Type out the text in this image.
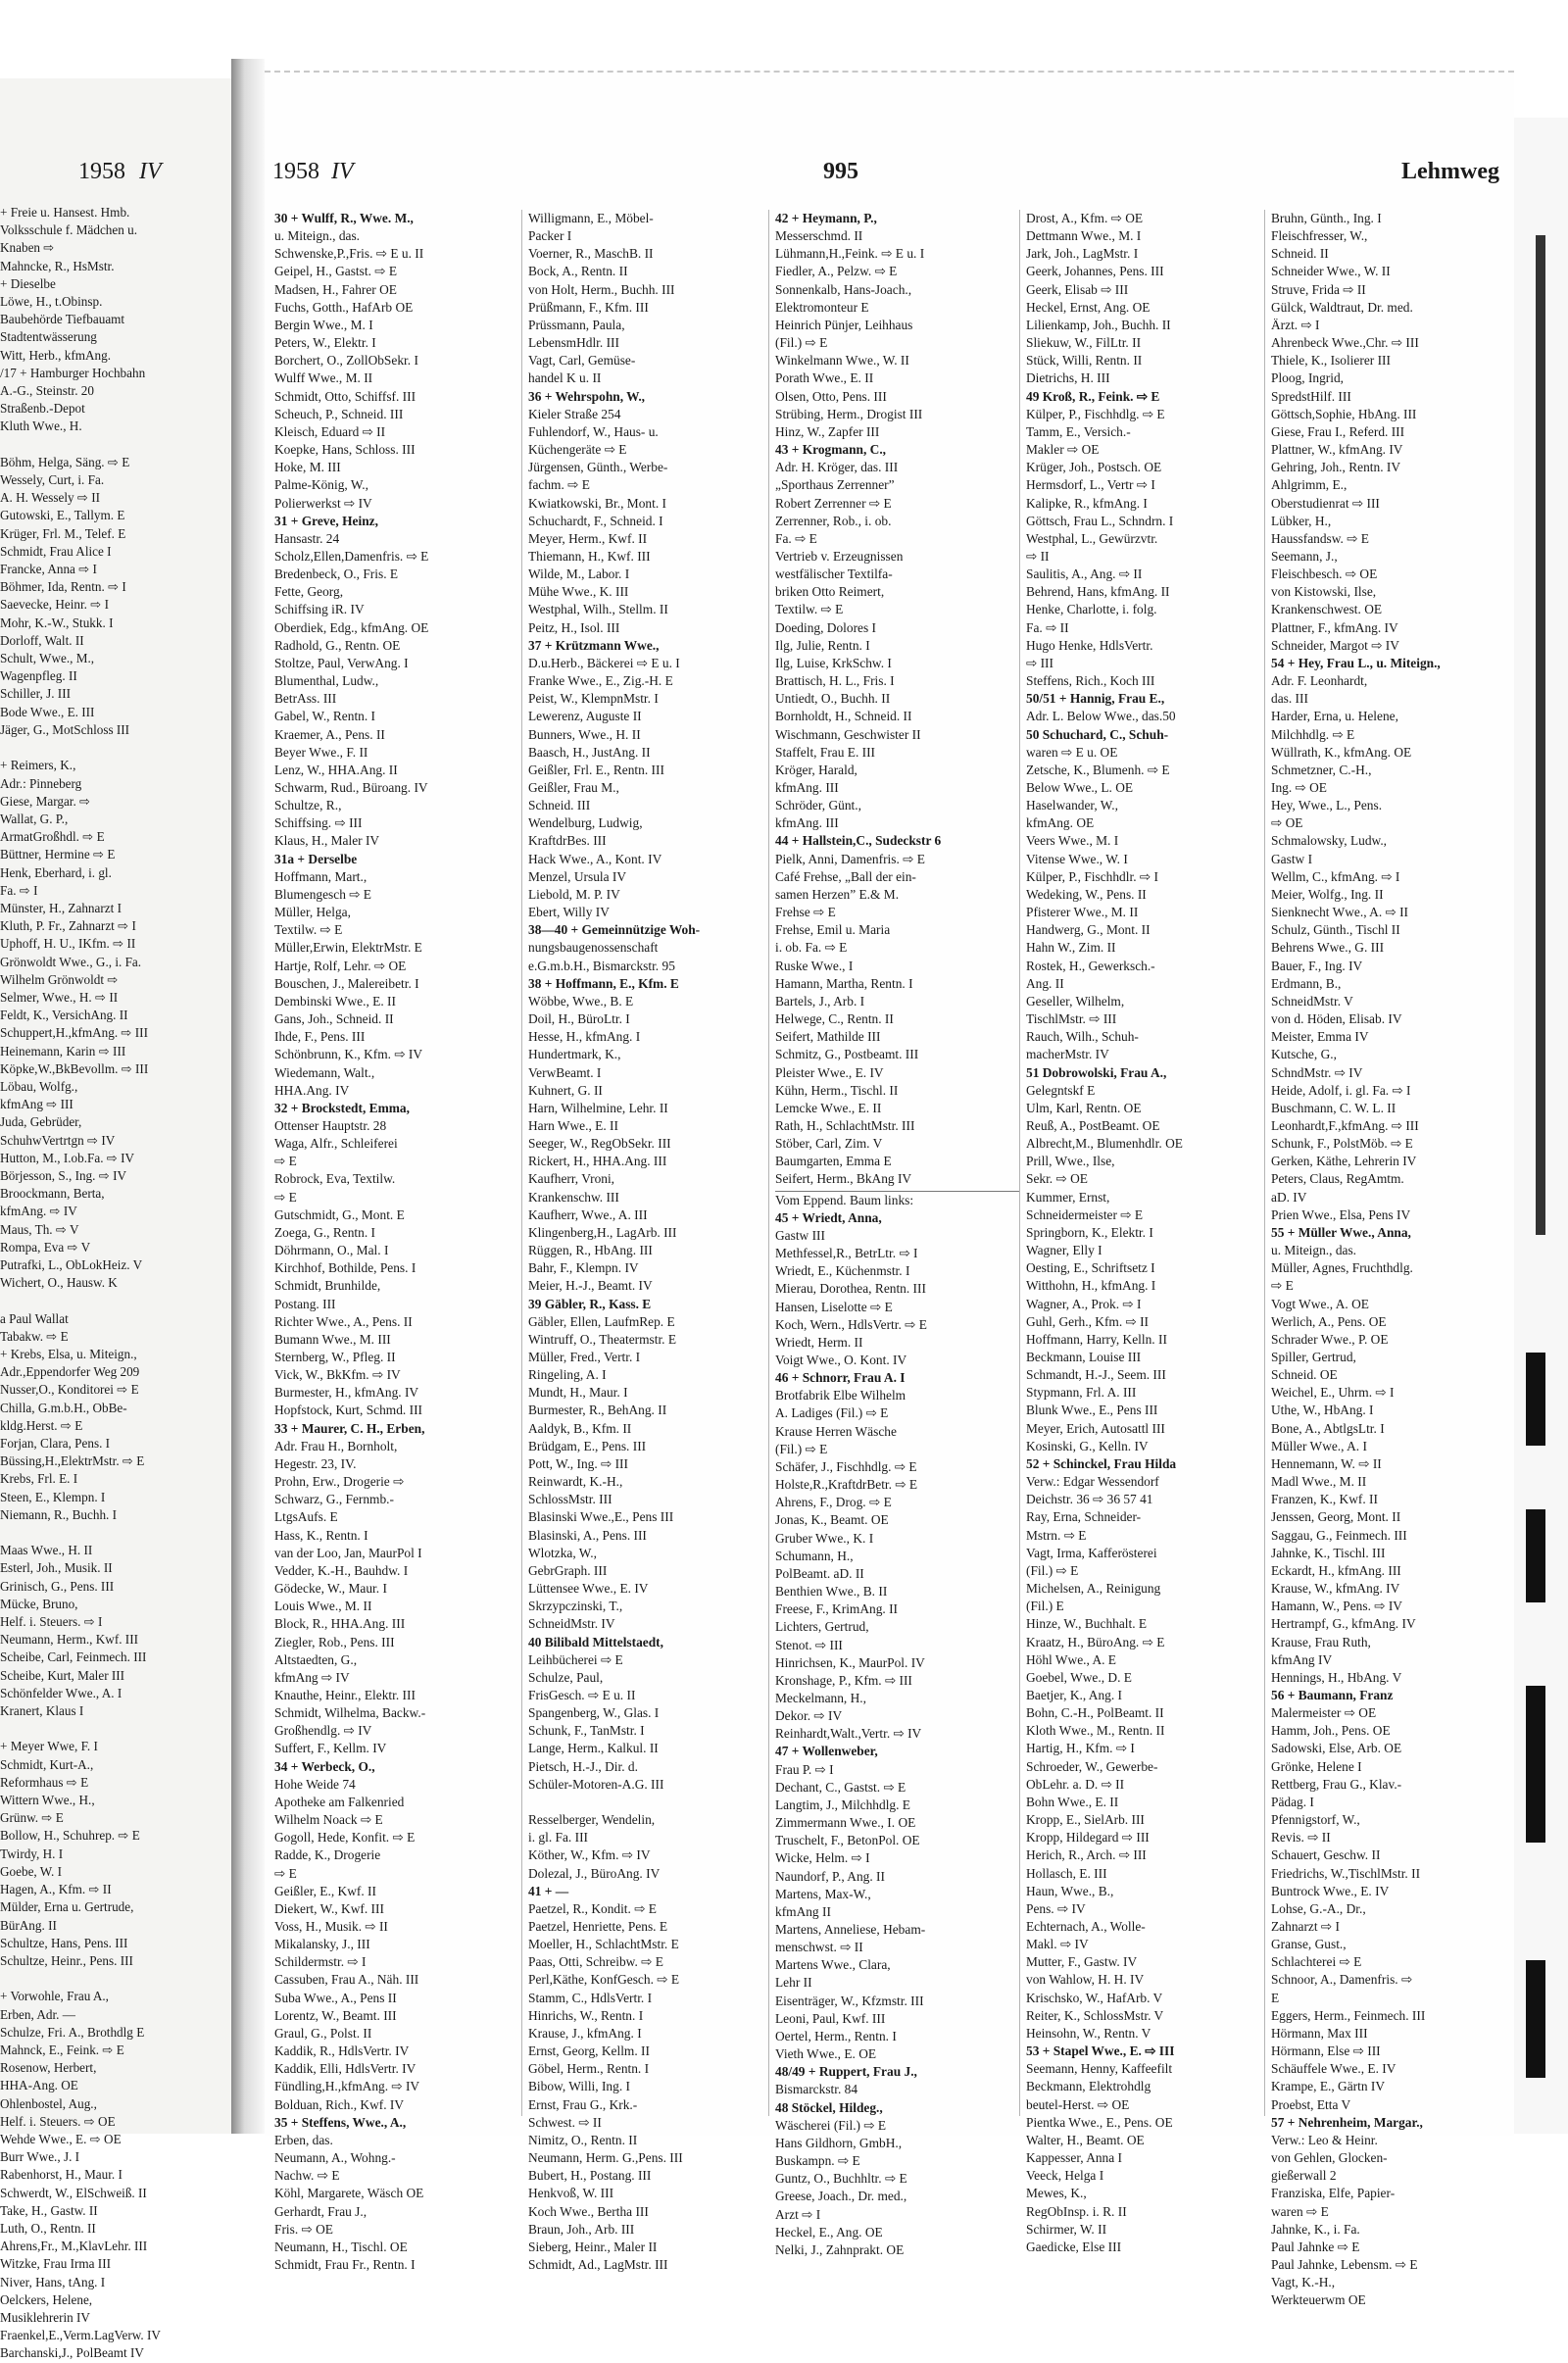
1958 IV
+ Freie u. Hansest. Hmb.
Volksschule f. Mädchen u.
Knaben ⇨
Mahncke, R., HsMstr.
+ Dieselbe
Löwe, H., t.Obinsp.
Baubehörde Tiefbauamt
Stadtentwässerung
Witt, Herb., kfmAng.
/17 + Hamburger Hochbahn
A.-G., Steinstr. 20
Straßenb.-Depot
Kluth Wwe., H.

Böhm, Helga, Säng. ⇨ E
Wessely, Curt, i. Fa.
A. H. Wessely ⇨ II
Gutowski, E., Tallym. E
Krüger, Frl. M., Telef. E
Schmidt, Frau Alice I
Francke, Anna ⇨ I
Böhmer, Ida, Rentn. ⇨ I
Saevecke, Heinr. ⇨ I
Mohr, K.-W., Stukk. I
Dorloff, Walt. II
Schult, Wwe., M.,
Wagenpfleg. II
Schiller, J. III
Bode Wwe., E. III
Jäger, G., MotSchloss III

+ Reimers, K.,
Adr.: Pinneberg
Giese, Margar. ⇨
Wallat, G. P.,
ArmatGroßhdl. ⇨ E
Büttner, Hermine ⇨ E
Henk, Eberhard, i. gl.
Fa. ⇨ I
Münster, H., Zahnarzt I
Kluth, P. Fr., Zahnarzt ⇨ I
Uphoff, H. U., IKfm. ⇨ II
Grönwoldt Wwe., G., i. Fa.
Wilhelm Grönwoldt ⇨
Selmer, Wwe., H. ⇨ II
Feldt, K., VersichAng. II
Schuppert,H.,kfmAng. ⇨ III
Heinemann, Karin ⇨ III
Köpke,W.,BkBevollm. ⇨ III
Löbau, Wolfg.,
kfmAng ⇨ III
Juda, Gebrüder,
SchuhwVertrtgn ⇨ IV
Hutton, M., I.ob.Fa. ⇨ IV
Börjesson, S., Ing. ⇨ IV
Broockmann, Berta,
kfmAng. ⇨ IV
Maus, Th. ⇨ V
Rompa, Eva ⇨ V
Putrafki, L., ObLokHeiz. V
Wichert, O., Hausw. K

a Paul Wallat
Tabakw. ⇨ E
+ Krebs, Elsa, u. Miteign.,
Adr.,Eppendorfer Weg 209
Nusser,O., Konditorei ⇨ E
Chilla, G.m.b.H., ObBe-
kldg.Herst. ⇨ E
Forjan, Clara, Pens. I
Büssing,H.,ElektrMstr. ⇨ E
Krebs, Frl. E. I
Steen, E., Klempn. I
Niemann, R., Buchh. I

Maas Wwe., H. II
Esterl, Joh., Musik. II
Grinisch, G., Pens. III
Mücke, Bruno,
Helf. i. Steuers. ⇨ I
Neumann, Herm., Kwf. III
Scheibe, Carl, Feinmech. III
Scheibe, Kurt, Maler III
Schönfelder Wwe., A. I
Kranert, Klaus I

+ Meyer Wwe, F. I
Schmidt, Kurt-A.,
Reformhaus ⇨ E
Wittern Wwe., H.,
Grünw. ⇨ E
Bollow, H., Schuhrep. ⇨ E
Twirdy, H. I
Goebe, W. I
Hagen, A., Kfm. ⇨ II
Mülder, Erna u. Gertrude,
BürAng. II
Schultze, Hans, Pens. III
Schultze, Heinr., Pens. III

+ Vorwohle, Frau A.,
Erben, Adr. —
Schulze, Fri. A., Brothdlg E
Mahnck, E., Feink. ⇨ E
Rosenow, Herbert,
HHA-Ang. OE
Ohlenbostel, Aug.,
Helf. i. Steuers. ⇨ OE
Wehde Wwe., E. ⇨ OE
Burr Wwe., J. I
Rabenhorst, H., Maur. I
Schwerdt, W., ElSchweiß. II
Take, H., Gastw. II
Luth, O., Rentn. II
Ahrens,Fr., M.,KlavLehr. III
Witzke, Frau Irma III
Niver, Hans, tAng. I
Oelckers, Helene,
Musiklehrerin IV
Fraenkel,E.,Verm.LagVerw. IV
Barchanski,J., PolBeamt IV
1958 IV	995	Lehmweg
30 + Wulff, R., Wwe. M.,
u. Miteign., das.
Schwenske,P.,Fris. ⇨ E u. II
Geipel, H., Gastst. ⇨ E
Madsen, H., Fahrer OE
Fuchs, Gotth., HafArb OE
Bergin Wwe., M. I
Peters, W., Elektr. I
Borchert, O., ZollObSekr. I
Wulff Wwe., M. II
Schmidt, Otto, Schiffsf. III
Scheuch, P., Schneid. III
Kleisch, Eduard ⇨ II
Koepke, Hans, Schloss. III
Hoke, M. III
Palme-König, W.,
Polierwerkst ⇨ IV
31 + Greve, Heinz,
Hansastr. 24
Scholz,Ellen,Damenfris. ⇨ E
Bredenbeck, O., Fris. E
Fette, Georg,
Schiffsing iR. IV
Oberdiek, Edg., kfmAng. OE
Radhold, G., Rentn. OE
Stoltze, Paul, VerwAng. I
Blumenthal, Ludw.,
BetrAss. III
Gabel, W., Rentn. I
Kraemer, A., Pens. II
Beyer Wwe., F. II
Lenz, W., HHA.Ang. II
Schwarm, Rud., Büroang. IV
Schultze, R.,
Schiffsing. ⇨ III
Klaus, H., Maler IV
31a + Derselbe
Hoffmann, Mart.,
Blumengesch ⇨ E
Müller, Helga,
Textilw. ⇨ E
Müller,Erwin, ElektrMstr. E
Hartje, Rolf, Lehr. ⇨ OE
Bouschen, J., Malereibetr. I
Dembinski Wwe., E. II
Gans, Joh., Schneid. II
Ihde, F., Pens. III
Schönbrunn, K., Kfm. ⇨ IV
Wiedemann, Walt.,
HHA.Ang. IV
32 + Brockstedt, Emma,
Ottenser Hauptstr. 28
Waga, Alfr., Schleiferei
⇨ E
Robrock, Eva, Textilw.
⇨ E
Gutschmidt, G., Mont. E
Zoega, G., Rentn. I
Döhrmann, O., Mal. I
Kirchhof, Bothilde, Pens. I
Schmidt, Brunhilde,
Postang. III
Richter Wwe., A., Pens. II
Bumann Wwe., M. III
Sternberg, W., Pfleg. II
Vick, W., BkKfm. ⇨ IV
Burmester, H., kfmAng. IV
Hopfstock, Kurt, Schmd. III
33 + Maurer, C. H., Erben,
Adr. Frau H., Bornholt,
Hegestr. 23, IV.
Prohn, Erw., Drogerie ⇨
Schwarz, G., Fernmb.-
LtgsAufs. E
Hass, K., Rentn. I
van der Loo, Jan, MaurPol I
Vedder, K.-H., Bauhdw. I
Gödecke, W., Maur. I
Louis Wwe., M. II
Block, R., HHA.Ang. III
Ziegler, Rob., Pens. III
Altstaedten, G.,
kfmAng ⇨ IV
Knauthe, Heinr., Elektr. III
Schmidt, Wilhelma, Backw.-
Großhendlg. ⇨ IV
Suffert, F., Kellm. IV
34 + Werbeck, O.,
Hohe Weide 74
Apotheke am Falkenried
Wilhelm Noack ⇨ E
Gogoll, Hede, Konfit. ⇨ E
Radde, K., Drogerie
⇨ E
Geißler, E., Kwf. II
Diekert, W., Kwf. III
Voss, H., Musik. ⇨ II
Mikalansky, J., III
Schildermstr. ⇨ I
Cassuben, Frau A., Näh. III
Suba Wwe., A., Pens II
Lorentz, W., Beamt. III
Graul, G., Polst. II
Kaddik, R., HdlsVertr. IV
Kaddik, Elli, HdlsVertr. IV
Fündling,H.,kfmAng. ⇨ IV
Bolduan, Rich., Kwf. IV
35 + Steffens, Wwe., A.,
Erben, das.
Neumann, A., Wohng.-
Nachw. ⇨ E
Köhl, Margarete, Wäsch OE
Gerhardt, Frau J.,
Fris. ⇨ OE
Neumann, H., Tischl. OE
Schmidt, Frau Fr., Rentn. I
Willigmann, E., Möbel-
Packer I
Voerner, R., MaschB. II
Bock, A., Rentn. II
von Holt, Herm., Buchh. III
Prüßmann, F., Kfm. III
Prüssmann, Paula,
LebensmHdlr. III
Vagt, Carl, Gemüse-
handel K u. II
36 + Wehrspohn, W.,
Kieler Straße 254
Fuhlendorf, W., Haus- u.
Küchengeräte ⇨ E
Jürgensen, Günth., Werbe-
fachm. ⇨ E
Kwiatkowski, Br., Mont. I
Schuchardt, F., Schneid. I
Meyer, Herm., Kwf. II
Thiemann, H., Kwf. III
Wilde, M., Labor. I
Mühe Wwe., K. III
Westphal, Wilh., Stellm. II
Peitz, H., Isol. III
37 + Krützmann Wwe.,
D.u.Herb., Bäckerei ⇨ E u. I
Franke Wwe., E., Zig.-H. E
Peist, W., KlempnMstr. I
Lewerenz, Auguste II
Bunners, Wwe., H. II
Baasch, H., JustAng. II
Geißler, Frl. E., Rentn. III
Geißler, Frau M.,
Schneid. III
Wendelburg, Ludwig,
KraftdrBes. III
Hack Wwe., A., Kont. IV
Menzel, Ursula IV
Liebold, M. P. IV
Ebert, Willy IV
38—40 + Gemeinnützige Woh-
nungsbaugenossenschaft
e.G.m.b.H., Bismarckstr. 95
38 + Hoffmann, E., Kfm. E
Wöbbe, Wwe., B. E
Doil, H., BüroLtr. I
Hesse, H., kfmAng. I
Hundertmark, K.,
VerwBeamt. I
Kuhnert, G. II
Harn, Wilhelmine, Lehr. II
Harn Wwe., E. II
Seeger, W., RegObSekr. III
Rickert, H., HHA.Ang. III
Kaufherr, Vroni,
Krankenschw. III
Kaufherr, Wwe., A. III
Klingenberg,H., LagArb. III
Rüggen, R., HbAng. III
Bahr, F., Klempn. IV
Meier, H.-J., Beamt. IV
39 Gäbler, R., Kass. E
Gäbler, Ellen, LaufmRep. E
Wintruff, O., Theatermstr. E
Müller, Fred., Vertr. I
Ringeling, A. I
Mundt, H., Maur. I
Burmester, R., BehAng. II
Aaldyk, B., Kfm. II
Brüdgam, E., Pens. III
Pott, W., Ing. ⇨ III
Reinwardt, K.-H.,
SchlossMstr. III
Blasinski Wwe.,E., Pens III
Blasinski, A., Pens. III
Wlotzka, W.,
GebrGraph. III
Lüttensee Wwe., E. IV
Skrzypczinski, T.,
SchneidMstr. IV
40 Bilibald Mittelstaedt,
Leihbücherei ⇨ E
Schulze, Paul,
FrisGesch. ⇨ E u. II
Spangenberg, W., Glas. I
Schunk, F., TanMstr. I
Lange, Herm., Kalkul. II
Pietsch, H.-J., Dir. d.
Schüler-Motoren-A.G. III

Resselberger, Wendelin,
i. gl. Fa. III
Köther, W., Kfm. ⇨ IV
Dolezal, J., BüroAng. IV
41 + —
Paetzel, R., Kondit. ⇨ E
Paetzel, Henriette, Pens. E
Moeller, H., SchlachtMstr. E
Paas, Otti, Schreibw. ⇨ E
Perl,Käthe, KonfGesch. ⇨ E
Stamm, C., HdlsVertr. I
Hinrichs, W., Rentn. I
Krause, J., kfmAng. I
Ernst, Georg, Kellm. II
Göbel, Herm., Rentn. I
Bibow, Willi, Ing. I
Ernst, Frau G., Krk.-
Schwest. ⇨ II
Nimitz, O., Rentn. II
Neumann, Herm. G.,Pens. III
Bubert, H., Postang. III
Henkvoß, W. III
Koch Wwe., Bertha III
Braun, Joh., Arb. III
Sieberg, Heinr., Maler II
Schmidt, Ad., LagMstr. III
42 + Heymann, P.,
Messerschmd. II
Lühmann,H.,Feink. ⇨ E u. I
Fiedler, A., Pelzw. ⇨ E
Sonnenkalb, Hans-Joach.,
Elektromonteur E
Heinrich Pünjer, Leihhaus
(Fil.) ⇨ E
Winkelmann Wwe., W. II
Porath Wwe., E. II
Olsen, Otto, Pens. III
Strübing, Herm., Drogist III
Hinz, W., Zapfer III
43 + Krogmann, C.,
Adr. H. Kröger, das. III
„Sporthaus Zerrenner”
Robert Zerrenner ⇨ E
Zerrenner, Rob., i. ob.
Fa. ⇨ E
Vertrieb v. Erzeugnissen
westfälischer Textilfa-
briken Otto Reimert,
Textilw. ⇨ E
Doeding, Dolores I
Ilg, Julie, Rentn. I
Ilg, Luise, KrkSchw. I
Brattisch, H. L., Fris. I
Untiedt, O., Buchh. II
Bornholdt, H., Schneid. II
Wischmann, Geschwister II
Staffelt, Frau E. III
Kröger, Harald,
kfmAng. III
Schröder, Günt.,
kfmAng. III
44 + Hallstein,C., Sudeckstr 6
Pielk, Anni, Damenfris. ⇨ E
Café Frehse, „Ball der ein-
samen Herzen” E.& M.
Frehse ⇨ E
Frehse, Emil u. Maria
i. ob. Fa. ⇨ E
Ruske Wwe., I
Hamann, Martha, Rentn. I
Bartels, J., Arb. I
Helwege, C., Rentn. II
Seifert, Mathilde III
Schmitz, G., Postbeamt. III
Pleister Wwe., E. IV
Kühn, Herm., Tischl. II
Lemcke Wwe., E. II
Rath, H., SchlachtMstr. III
Stöber, Carl, Zim. V
Baumgarten, Emma E
Seifert, Herm., BkAng IV
Vom Eppend. Baum links:
45 + Wriedt, Anna,
Gastw III
Methfessel,R., BetrLtr. ⇨ I
Wriedt, E., Küchenmstr. I
Mierau, Dorothea, Rentn. III
Hansen, Liselotte ⇨ E
Koch, Wern., HdlsVertr. ⇨ E
Wriedt, Herm. II
Voigt Wwe., O. Kont. IV
46 + Schnorr, Frau A. I
Brotfabrik Elbe Wilhelm
A. Ladiges (Fil.) ⇨ E
Krause Herren Wäsche
(Fil.) ⇨ E
Schäfer, J., Fischhdlg. ⇨ E
Holste,R.,KraftdrBetr. ⇨ E
Ahrens, F., Drog. ⇨ E
Jonas, K., Beamt. OE
Gruber Wwe., K. I
Schumann, H.,
PolBeamt. aD. II
Benthien Wwe., B. II
Freese, F., KrimAng. II
Lichters, Gertrud,
Stenot. ⇨ III
Hinrichsen, K., MaurPol. IV
Kronshage, P., Kfm. ⇨ III
Meckelmann, H.,
Dekor. ⇨ IV
Reinhardt,Walt.,Vertr. ⇨ IV
47 + Wollenweber,
Frau P. ⇨ I
Dechant, C., Gastst. ⇨ E
Langtim, J., Milchhdlg. E
Zimmermann Wwe., I. OE
Truschelt, F., BetonPol. OE
Wicke, Helm. ⇨ I
Naundorf, P., Ang. II
Martens, Max-W.,
kfmAng II
Martens, Anneliese, Hebam-
menschwst. ⇨ II
Martens Wwe., Clara,
Lehr II
Eisenträger, W., Kfzmstr. III
Leoni, Paul, Kwf. III
Oertel, Herm., Rentn. I
Vieth Wwe., E. OE
48/49 + Ruppert, Frau J.,
Bismarckstr. 84
48 Stöckel, Hildeg.,
Wäscherei (Fil.) ⇨ E
Hans Gildhorn, GmbH.,
Buskampn. ⇨ E
Guntz, O., Buchhltr. ⇨ E
Greese, Joach., Dr. med.,
Arzt ⇨ I
Heckel, E., Ang. OE
Nelki, J., Zahnprakt. OE
Drost, A., Kfm. ⇨ OE
Dettmann Wwe., M. I
Jark, Joh., LagMstr. I
Geerk, Johannes, Pens. III
Geerk, Elisab ⇨ III
Heckel, Ernst, Ang. OE
Lilienkamp, Joh., Buchh. II
Sliekuw, W., FilLtr. II
Stück, Willi, Rentn. II
Dietrichs, H. III
49 Kroß, R., Feink. ⇨ E
Külper, P., Fischhdlg. ⇨ E
Tamm, E., Versich.-
Makler ⇨ OE
Krüger, Joh., Postsch. OE
Hermsdorf, L., Vertr ⇨ I
Kalipke, R., kfmAng. I
Göttsch, Frau L., Schndrn. I
Westphal, L., Gewürzvtr.
⇨ II
Saulitis, A., Ang. ⇨ II
Behrend, Hans, kfmAng. II
Henke, Charlotte, i. folg.
Fa. ⇨ II
Hugo Henke, HdlsVertr.
⇨ III
Steffens, Rich., Koch III
50/51 + Hannig, Frau E.,
Adr. L. Below Wwe., das.50
50 Schuchard, C., Schuh-
waren ⇨ E u. OE
Zetsche, K., Blumenh. ⇨ E
Below Wwe., L. OE
Haselwander, W.,
kfmAng. OE
Veers Wwe., M. I
Vitense Wwe., W. I
Külper, P., Fischhdlr. ⇨ I
Wedeking, W., Pens. II
Pfisterer Wwe., M. II
Handwerg, G., Mont. II
Hahn W., Zim. II
Rostek, H., Gewerksch.-
Ang. II
Geseller, Wilhelm,
TischlMstr. ⇨ III
Rauch, Wilh., Schuh-
macherMstr. IV
51 Dobrowolski, Frau A.,
Gelegntskf E
Ulm, Karl, Rentn. OE
Reuß, A., PostBeamt. OE
Albrecht,M., Blumenhdlr. OE
Prill, Wwe., Ilse,
Sekr. ⇨ OE
Kummer, Ernst,
Schneidermeister ⇨ E
Springborn, K., Elektr. I
Wagner, Elly I
Oesting, E., Schriftsetz I
Witthohn, H., kfmAng. I
Wagner, A., Prok. ⇨ I
Guhl, Gerh., Kfm. ⇨ II
Hoffmann, Harry, Kelln. II
Beckmann, Louise III
Schmandt, H.-J., Seem. III
Stypmann, Frl. A. III
Blunk Wwe., E., Pens III
Meyer, Erich, Autosattl III
Kosinski, G., Kelln. IV
52 + Schinckel, Frau Hilda
Verw.: Edgar Wessendorf
Deichstr. 36 ⇨ 36 57 41
Ray, Erna, Schneider-
Mstrn. ⇨ E
Vagt, Irma, Kafferösterei
(Fil.) ⇨ E
Michelsen, A., Reinigung
(Fil.) E
Hinze, W., Buchhalt. E
Kraatz, H., BüroAng. ⇨ E
Höhl Wwe., A. E
Goebel, Wwe., D. E
Baetjer, K., Ang. I
Bohn, C.-H., PolBeamt. II
Kloth Wwe., M., Rentn. II
Hartig, H., Kfm. ⇨ I
Schroeder, W., Gewerbe-
ObLehr. a. D. ⇨ II
Bohn Wwe., E. II
Kropp, E., SielArb. III
Kropp, Hildegard ⇨ III
Herich, R., Arch. ⇨ III
Hollasch, E. III
Haun, Wwe., B.,
Pens. ⇨ IV
Echternach, A., Wolle-
Makl. ⇨ IV
Mutter, F., Gastw. IV
von Wahlow, H. H. IV
Krischsko, W., HafArb. V
Reiter, K., SchlossMstr. V
Heinsohn, W., Rentn. V
53 + Stapel Wwe., E. ⇨ III
Seemann, Henny, Kaffeefilt
Beckmann, Elektrohdlg
beutel-Herst. ⇨ OE
Pientka Wwe., E., Pens. OE
Walter, H., Beamt. OE
Kappesser, Anna I
Veeck, Helga I
Mewes, K.,
RegObInsp. i. R. II
Schirmer, W. II
Gaedicke, Else III
Bruhn, Günth., Ing. I
Fleischfresser, W.,
Schneid. II
Schneider Wwe., W. II
Struve, Frida ⇨ II
Gülck, Waldtraut, Dr. med.
Ärzt. ⇨ I
Ahrenbeck Wwe.,Chr. ⇨ III
Thiele, K., Isolierer III
Ploog, Ingrid,
SpredstHilf. III
Göttsch,Sophie, HbAng. III
Giese, Frau I., Referd. III
Plattner, W., kfmAng. IV
Gehring, Joh., Rentn. IV
Ahlgrimm, E.,
Oberstudienrat ⇨ III
Lübker, H.,
Haussfandsw. ⇨ E
Seemann, J.,
Fleischbesch. ⇨ OE
von Kistowski, Ilse,
Krankenschwest. OE
Plattner, F., kfmAng. IV
Schneider, Margot ⇨ IV
54 + Hey, Frau L., u. Miteign.,
Adr. F. Leonhardt,
das. III
Harder, Erna, u. Helene,
Milchhdlg. ⇨ E
Wüllrath, K., kfmAng. OE
Schmetzner, C.-H.,
Ing. ⇨ OE
Hey, Wwe., L., Pens.
⇨ OE
Schmalowsky, Ludw.,
Gastw I
Wellm, C., kfmAng. ⇨ I
Meier, Wolfg., Ing. II
Sienknecht Wwe., A. ⇨ II
Schulz, Günth., Tischl II
Behrens Wwe., G. III
Bauer, F., Ing. IV
Erdmann, B.,
SchneidMstr. V
von d. Höden, Elisab. IV
Meister, Emma IV
Kutsche, G.,
SchndMstr. ⇨ IV
Heide, Adolf, i. gl. Fa. ⇨ I
Buschmann, C. W. L. II
Leonhardt,F.,kfmAng. ⇨ III
Schunk, F., PolstMöb. ⇨ E
Gerken, Käthe, Lehrerin IV
Peters, Claus, RegAmtm.
aD. IV
Prien Wwe., Elsa, Pens IV
55 + Müller Wwe., Anna,
u. Miteign., das.
Müller, Agnes, Fruchthdlg.
⇨ E
Vogt Wwe., A. OE
Werlich, A., Pens. OE
Schrader Wwe., P. OE
Spiller, Gertrud,
Schneid. OE
Weichel, E., Uhrm. ⇨ I
Uthe, W., HbAng. I
Bone, A., AbtlgsLtr. I
Müller Wwe., A. I
Hennemann, W. ⇨ II
Madl Wwe., M. II
Franzen, K., Kwf. II
Jenssen, Georg, Mont. II
Saggau, G., Feinmech. III
Jahnke, K., Tischl. III
Eckardt, H., kfmAng. III
Krause, W., kfmAng. IV
Hamann, W., Pens. ⇨ IV
Hertrampf, G., kfmAng. IV
Krause, Frau Ruth,
kfmAng IV
Hennings, H., HbAng. V
56 + Baumann, Franz
Malermeister ⇨ OE
Hamm, Joh., Pens. OE
Sadowski, Else, Arb. OE
Grönke, Helene I
Rettberg, Frau G., Klav.-
Pädag. I
Pfennigstorf, W.,
Revis. ⇨ II
Schauert, Geschw. II
Friedrichs, W.,TischlMstr. II
Buntrock Wwe., E. IV
Lohse, G.-A., Dr.,
Zahnarzt ⇨ I
Granse, Gust.,
Schlachterei ⇨ E
Schnoor, A., Damenfris. ⇨
E
Eggers, Herm., Feinmech. III
Hörmann, Max III
Hörmann, Else ⇨ III
Schäuffele Wwe., E. IV
Krampe, E., Gärtn IV
Proebst, Etta V
57 + Nehrenheim, Margar.,
Verw.: Leo & Heinr.
von Gehlen, Glocken-
gießerwall 2
Franziska, Elfe, Papier-
waren ⇨ E
Jahnke, K., i. Fa.
Paul Jahnke ⇨ E
Paul Jahnke, Lebensm. ⇨ E
Vagt, K.-H.,
Werkteuerwm OE
